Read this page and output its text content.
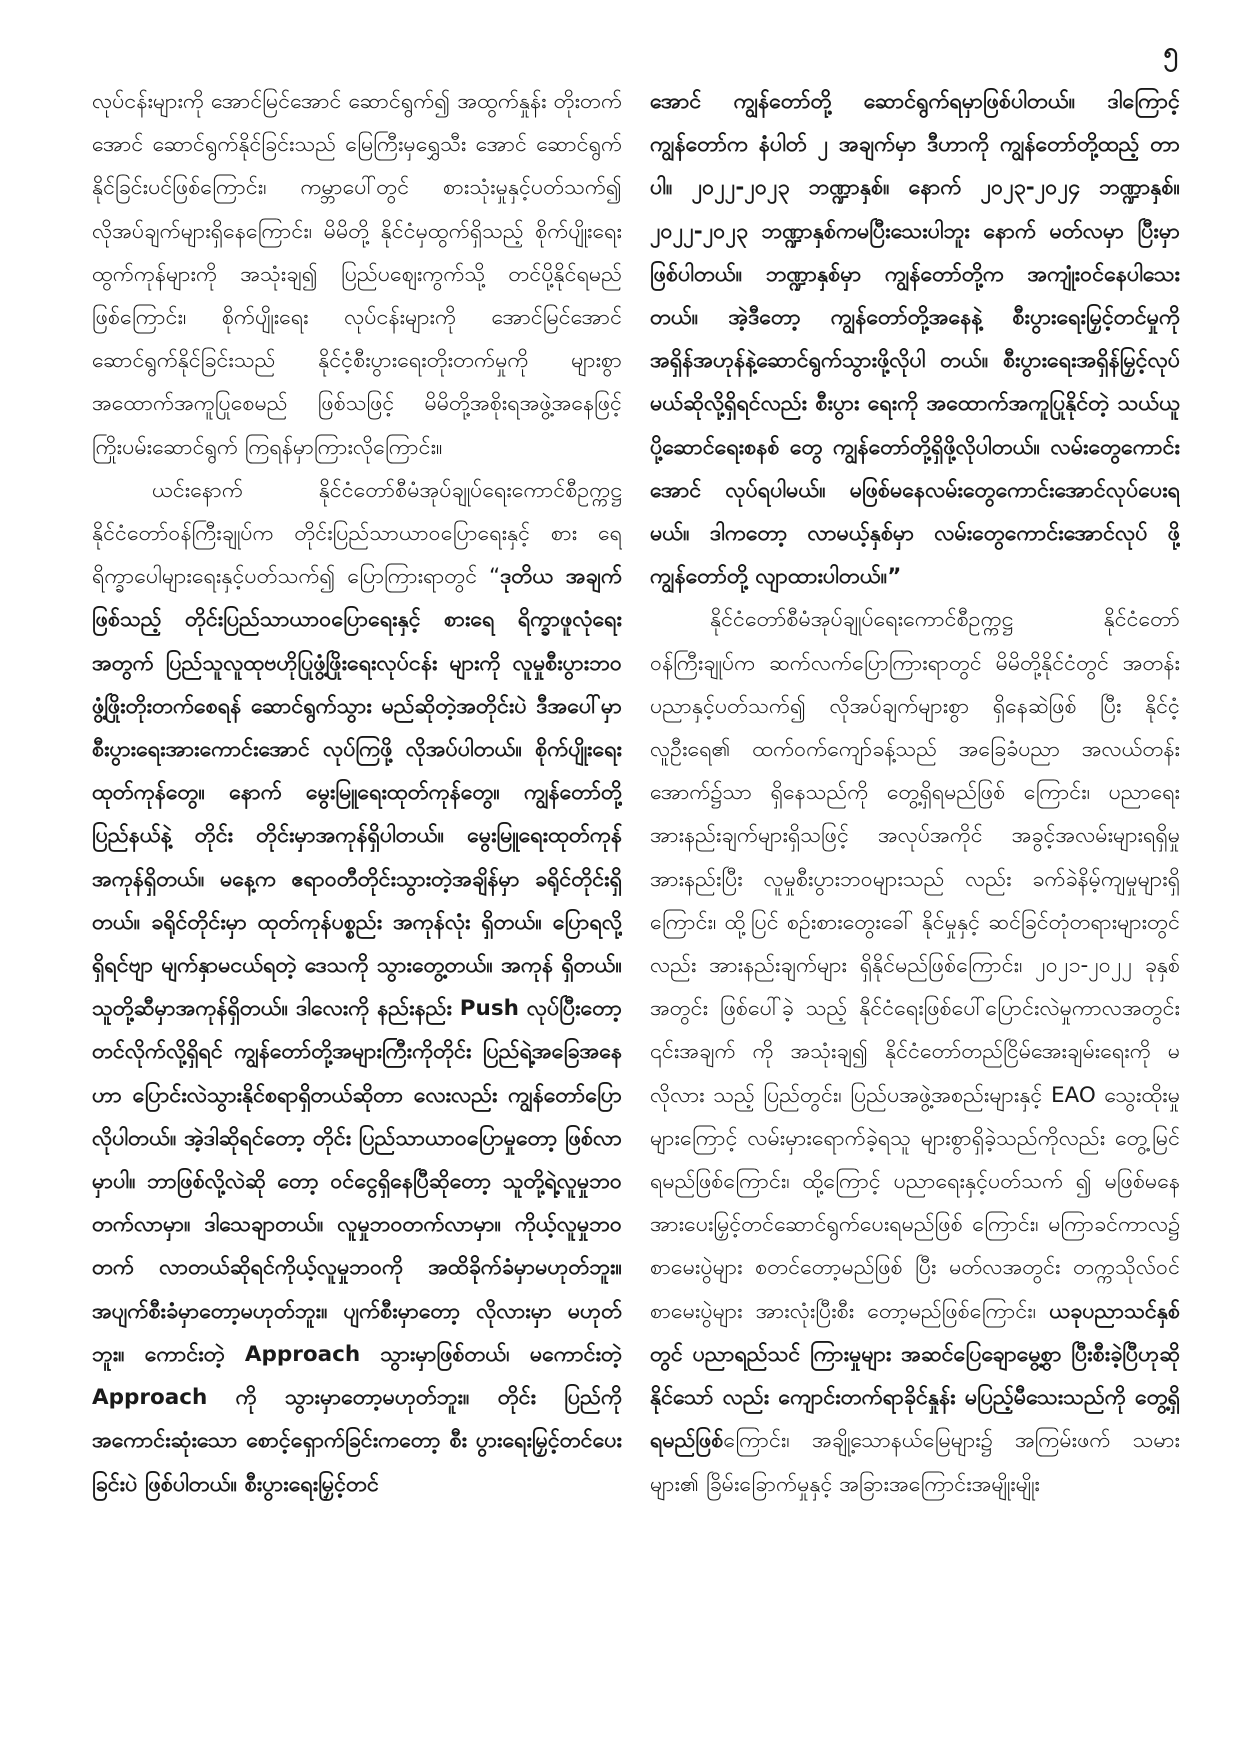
၅

လုပ်ငန်းများကို အောင်မြင်အောင် ဆောင်ရွက်၍ အထွက်နှုန်း တိုးတက်အောင် ဆောင်ရွက်နိုင်ခြင်းသည် မြေကြီးမှရွှေသီး အောင် ဆောင်ရွက်နိုင်ခြင်းပင်ဖြစ်ကြောင်း၊ ကမ္ဘာပေါ်တွင် စားသုံးမှုနှင့်ပတ်သက်၍ လိုအပ်ချက်များရှိနေကြောင်း၊ မိမိတို့ နိုင်ငံမှထွက်ရှိသည့် စိုက်ပျိုးရေးထွက်ကုန်များကို အသုံးချ၍ ပြည်ပဈေးကွက်သို့ တင်ပို့နိုင်ရမည်ဖြစ်ကြောင်း၊ စိုက်ပျိုးရေး လုပ်ငန်းများကို အောင်မြင်အောင် ဆောင်ရွက်နိုင်ခြင်းသည် နိုင်ငံ့စီးပွားရေးတိုးတက်မှုကို များစွာအထောက်အကူပြုစေမည် ဖြစ်သဖြင့် မိမိတို့အစိုးရအဖွဲ့အနေဖြင့် ကြိုးပမ်းဆောင်ရွက် ကြရန်မှာကြားလိုကြောင်း။

ယင်းနောက် နိုင်ငံတော်စီမံအုပ်ချုပ်ရေးကောင်စီဥက္ကဋ္ဌ နိုင်ငံတော်ဝန်ကြီးချုပ်က တိုင်းပြည်သာယာဝပြောရေးနှင့် စား ရေရိက္ခာပေါများရေးနှင့်ပတ်သက်၍ ပြောကြားရာတွင် “ဒုတိယ အချက်ဖြစ်သည့် တိုင်းပြည်သာယာဝပြောရေးနှင့် စားရေ ရိက္ခာဖူလုံရေးအတွက် ပြည်သူလူထုဗဟိုပြုဖွံ့ဖြိုးရေးလုပ်ငန်း များကို လူမှုစီးပွားဘဝဖွံ့ဖြိုးတိုးတက်စေရန် ဆောင်ရွက်သွား မည်ဆိုတဲ့အတိုင်းပဲ ဒီအပေါ်မှာ စီးပွားရေးအားကောင်းအောင် လုပ်ကြဖို့ လိုအပ်ပါတယ်။ စိုက်ပျိုးရေးထုတ်ကုန်တွေ။ နောက် မွေးမြူရေးထုတ်ကုန်တွေ။ ကျွန်တော်တို့ ပြည်နယ်နဲ့ တိုင်း တိုင်းမှာအကုန်ရှိပါတယ်။ မွေးမြူရေးထုတ်ကုန် အကုန်ရှိတယ်။ မနေ့က ဧရာဝတီတိုင်းသွားတဲ့အချိန်မှာ ခရိုင်တိုင်းရှိတယ်။ ခရိုင်တိုင်းမှာ ထုတ်ကုန်ပစ္စည်း အကုန်လုံး ရှိတယ်။ ပြောရလို့ ရှိရင်ဗျာ မျက်နှာမငယ်ရတဲ့ ဒေသကို သွားတွေ့တယ်။ အကုန် ရှိတယ်။ သူတို့ဆီမှာအကုန်ရှိတယ်။ ဒါလေးကို နည်းနည်း Push လုပ်ပြီးတော့တင်လိုက်လို့ရှိရင် ကျွန်တော်တို့အများကြီးကိုတိုင်း ပြည်ရဲ့အခြေအနေဟာ ပြောင်းလဲသွားနိုင်စရာရှိတယ်ဆိုတာ လေးလည်း ကျွန်တော်ပြောလိုပါတယ်။ အဲ့ဒါဆိုရင်တော့ တိုင်း ပြည်သာယာဝပြောမှုတော့ ဖြစ်လာမှာပါ။ ဘာဖြစ်လို့လဲဆို တော့ ဝင်ငွေရှိနေပြီဆိုတော့ သူတို့ရဲ့လူမှုဘဝတက်လာမှာ။ ဒါသေချာတယ်။ လူမှုဘဝတက်လာမှာ။ ကိုယ့်လူမှုဘဝတက် လာတယ်ဆိုရင်ကိုယ့်လူမှုဘဝကို အထိခိုက်ခံမှာမဟုတ်ဘူး။ အပျက်စီးခံမှာတော့မဟုတ်ဘူး။ ပျက်စီးမှာတော့ လိုလားမှာ မဟုတ်ဘူး။ ကောင်းတဲ့ Approach သွားမှာဖြစ်တယ်၊ မကောင်းတဲ့ Approach ကို သွားမှာတော့မဟုတ်ဘူး။ တိုင်း ပြည်ကို အကောင်းဆုံးသော စောင့်ရှောက်ခြင်းကတော့ စီး ပွားရေးမြှင့်တင်ပေးခြင်းပဲ ဖြစ်ပါတယ်။ စီးပွားရေးမြှင့်တင်

အောင် ကျွန်တော်တို့ ဆောင်ရွက်ရမှာဖြစ်ပါတယ်။ ဒါကြောင့် ကျွန်တော်က နံပါတ် ၂ အချက်မှာ ဒီဟာကို ကျွန်တော်တို့ထည့် တာပါ။ ၂၀၂၂-၂၀၂၃ ဘဏ္ဍာနှစ်။ နောက် ၂၀၂၃-၂၀၂၄ ဘဏ္ဍာနှစ်။ ၂၀၂၂-၂၀၂၃ ဘဏ္ဍာနှစ်ကမပြီးသေးပါဘူး နောက် မတ်လမှာ ပြီးမှာဖြစ်ပါတယ်။ ဘဏ္ဍာနှစ်မှာ ကျွန်တော်တို့က အကျုံးဝင်နေပါသေးတယ်။ အဲ့ဒီတော့ ကျွန်တော်တို့အနေနဲ့ စီးပွားရေးမြှင့်တင်မှုကို အရှိန်အဟုန်နဲ့ဆောင်ရွက်သွားဖို့လိုပါ တယ်။ စီးပွားရေးအရှိန်မြှင့်လုပ်မယ်ဆိုလို့ရှိရင်လည်း စီးပွား ရေးကို အထောက်အကူပြုနိုင်တဲ့ သယ်ယူပို့ဆောင်ရေးစနစ် တွေ ကျွန်တော်တို့ရှိဖို့လိုပါတယ်။ လမ်းတွေကောင်းအောင် လုပ်ရပါမယ်။ မဖြစ်မနေလမ်းတွေကောင်းအောင်လုပ်ပေးရ မယ်။ ဒါကတော့ လာမယ့်နှစ်မှာ လမ်းတွေကောင်းအောင်လုပ် ဖို့ ကျွန်တော်တို့ လျာထားပါတယ်။”

နိုင်ငံတော်စီမံအုပ်ချုပ်ရေးကောင်စီဥက္ကဋ္ဌ နိုင်ငံတော် ဝန်ကြီးချုပ်က ဆက်လက်ပြောကြားရာတွင် မိမိတို့နိုင်ငံတွင် အတန်းပညာနှင့်ပတ်သက်၍ လိုအပ်ချက်များစွာ ရှိနေဆဲဖြစ် ပြီး နိုင်ငံ့လူဦးရေ၏ ထက်ဝက်ကျော်ခန့်သည် အခြေခံပညာ အလယ်တန်းအောက်၌သာ ရှိနေသည်ကို တွေ့ရှိရမည်ဖြစ် ကြောင်း၊ ပညာရေးအားနည်းချက်များရှိသဖြင့် အလုပ်အကိုင် အခွင့်အလမ်းများရရှိမှုအားနည်းပြီး လူမှုစီးပွားဘဝများသည် လည်း ခက်ခဲနိမ့်ကျမှုများရှိကြောင်း၊ ထို့ပြင် စဉ်းစားတွေးခေါ် နိုင်မှုနှင့် ဆင်ခြင်တုံတရားများတွင်လည်း အားနည်းချက်များ ရှိနိုင်မည်ဖြစ်ကြောင်း၊ ၂၀၂၁-၂၀၂၂ ခုနှစ်အတွင်း ဖြစ်ပေါ်ခဲ့ သည့် နိုင်ငံရေးဖြစ်ပေါ်ပြောင်းလဲမှုကာလအတွင်း ၎င်းအချက် ကို အသုံးချ၍ နိုင်ငံတော်တည်ငြိမ်အေးချမ်းရေးကို မလိုလား သည့် ပြည်တွင်း၊ ပြည်ပအဖွဲ့အစည်းများနှင့် EAO သွေးထိုးမှု များကြောင့် လမ်းမှားရောက်ခဲ့ရသူ များစွာရှိခဲ့သည်ကိုလည်း တွေ့မြင်ရမည်ဖြစ်ကြောင်း၊ ထို့ကြောင့် ပညာရေးနှင့်ပတ်သက် ၍ မဖြစ်မနေ အားပေးမြှင့်တင်ဆောင်ရွက်ပေးရမည်ဖြစ် ကြောင်း၊ မကြာခင်ကာလ၌ စာမေးပွဲများ စတင်တော့မည်ဖြစ် ပြီး မတ်လအတွင်း တက္ကသိုလ်ဝင်စာမေးပွဲများ အားလုံးပြီးစီး တော့မည်ဖြစ်ကြောင်း၊ ယခုပညာသင်နှစ်တွင် ပညာရည်သင် ကြားမှုများ အဆင်ပြေချောမွေ့စွာ ပြီးစီးခဲ့ပြီဟုဆိုနိုင်သော် လည်း ကျောင်းတက်ရာခိုင်နှုန်း မပြည့်မီသေးသည်ကို တွေ့ရှိ ရမည်ဖြစ်ကြောင်း၊ အချို့သောနယ်မြေများ၌ အကြမ်းဖက် သမားများ၏ ခြိမ်းခြောက်မှုနှင့် အခြားအကြောင်းအမျိုးမျိုး
